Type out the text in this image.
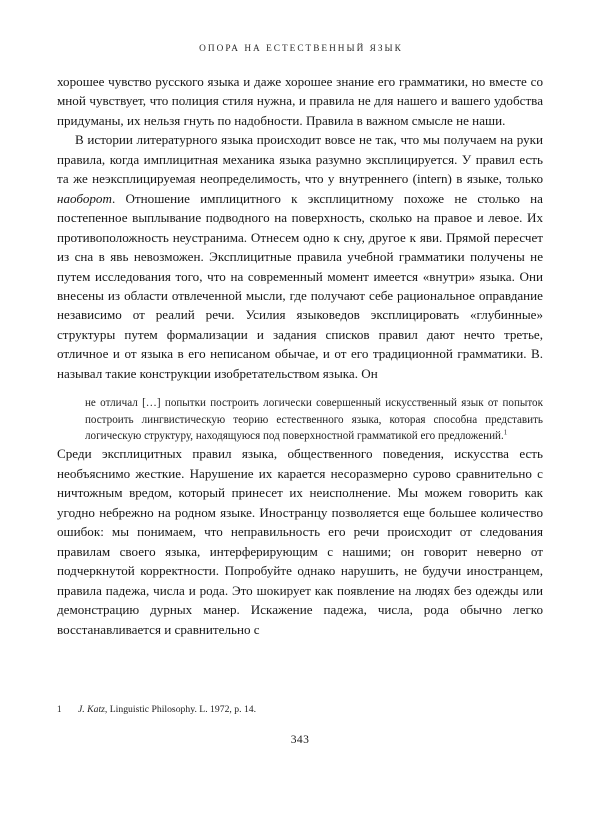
ОПОРА НА ЕСТЕСТВЕННЫЙ ЯЗЫК

хорошее чувство русского языка и даже хорошее знание его грамматики, но вместе со мной чувствует, что полиция стиля нужна, и правила не для нашего и вашего удобства придуманы, их нельзя гнуть по надобности. Правила в важном смысле не наши.

В истории литературного языка происходит вовсе не так, что мы получаем на руки правила, когда имплицитная механика языка разумно эксплицируется. У правил есть та же неэксплицируемая неопределимость, что у внутреннего (intern) в языке, только наоборот. Отношение имплицитного к эксплицитному похоже не столько на постепенное выплывание подводного на поверхность, сколько на правое и левое. Их противоположность неустранима. Отнесем одно к сну, другое к яви. Прямой пересчет из сна в явь невозможен. Эксплицитные правила учебной грамматики получены не путем исследования того, что на современный момент имеется «внутри» языка. Они внесены из области отвлеченной мысли, где получают себе рациональное оправдание независимо от реалий речи. Усилия языковедов эксплицировать «глубинные» структуры путем формализации и задания списков правил дают нечто третье, отличное и от языка в его неписаном обычае, и от его традиционной грамматики. В. называл такие конструкции изобретательством языка. Он

не отличал […] попытки построить логически совершенный искусственный язык от попыток построить лингвистическую теорию естественного языка, которая способна представить логическую структуру, находящуюся под поверхностной грамматикой его предложений.$^1$

Среди эксплицитных правил языка, общественного поведения, искусства есть необъяснимо жесткие. Нарушение их карается несоразмерно сурово сравнительно с ничтожным вредом, который принесет их неисполнение. Мы можем говорить как угодно небрежно на родном языке. Иностранцу позволяется еще большее количество ошибок: мы понимаем, что неправильность его речи происходит от следования правилам своего языка, интерферирующим с нашими; он говорит неверно от подчеркнутой корректности. Попробуйте однако нарушить, не будучи иностранцем, правила падежа, числа и рода. Это шокирует как появление на людях без одежды или демонстрацию дурных манер. Искажение падежа, числа, рода обычно легко восстанавливается и сравнительно с

1	J. Katz, Linguistic Philosophy. L. 1972, p. 14.
343
